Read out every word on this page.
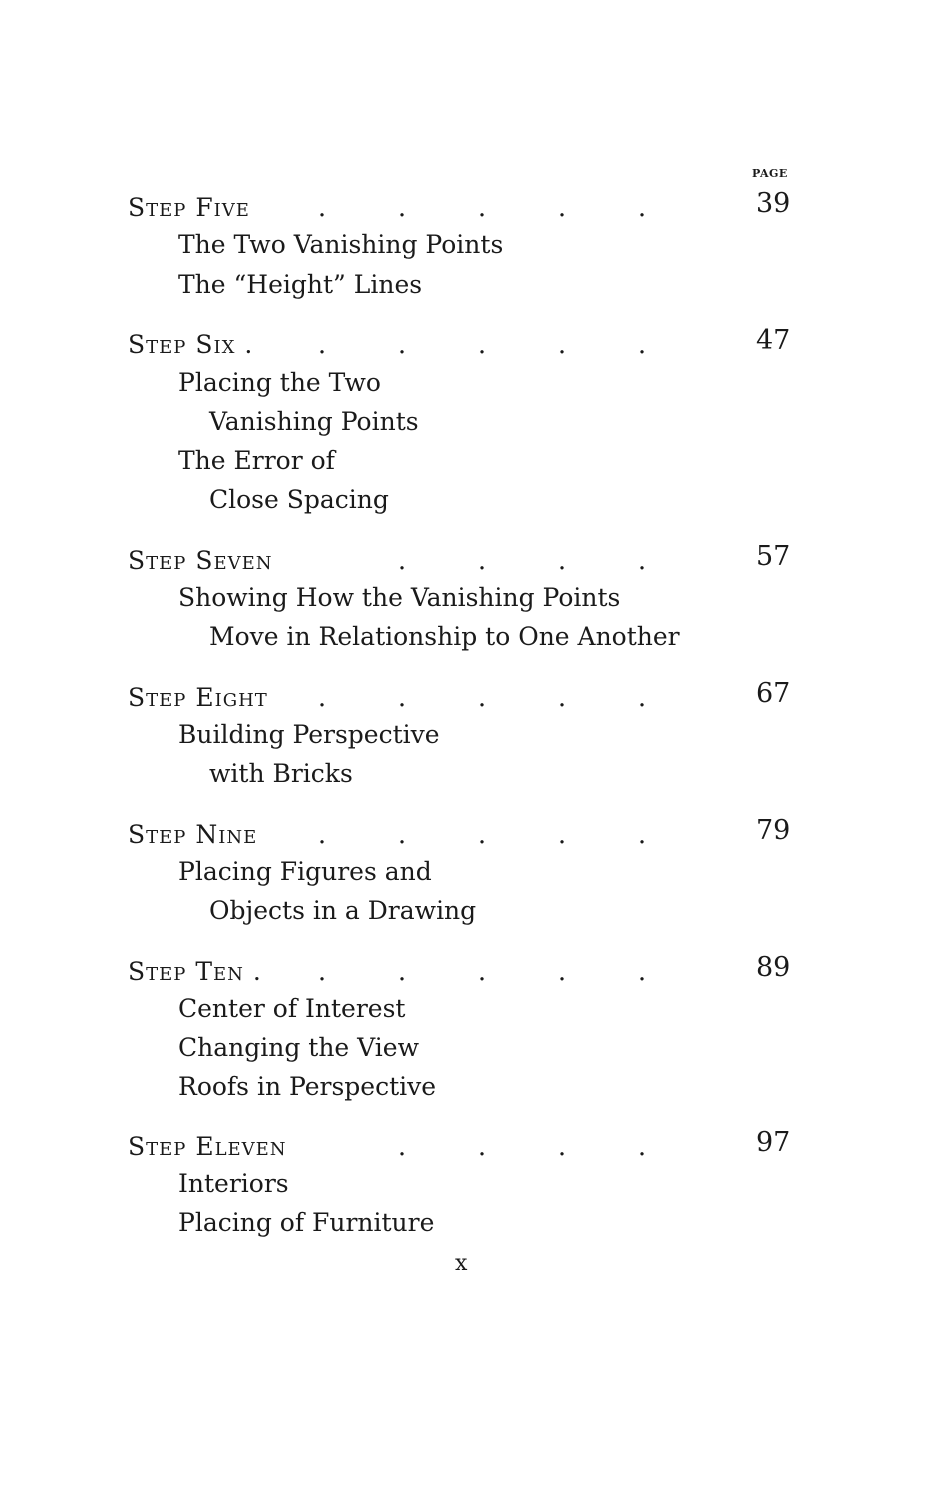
PAGE
Step Five	.	.	.	.	.	39
The Two Vanishing Points
The “Height” Lines
Step Six .	.	.	.	.	.	47
Placing the Two
Vanishing Points
The Error of
Close Spacing
Step Seven	.	.	.	.	57
Showing How the Vanishing Points
Move in Relationship to One Another
Step Eight	.	.	.	.	.	67
Building Perspective
with Bricks
Step Nine	.	.	.	.	.	79
Placing Figures and
Objects in a Drawing
Step Ten .	.	.	.	.	.	89
Center of Interest
Changing the View
Roofs in Perspective
Step Eleven	.	.	.	.	97
Interiors
Placing of Furniture
x
